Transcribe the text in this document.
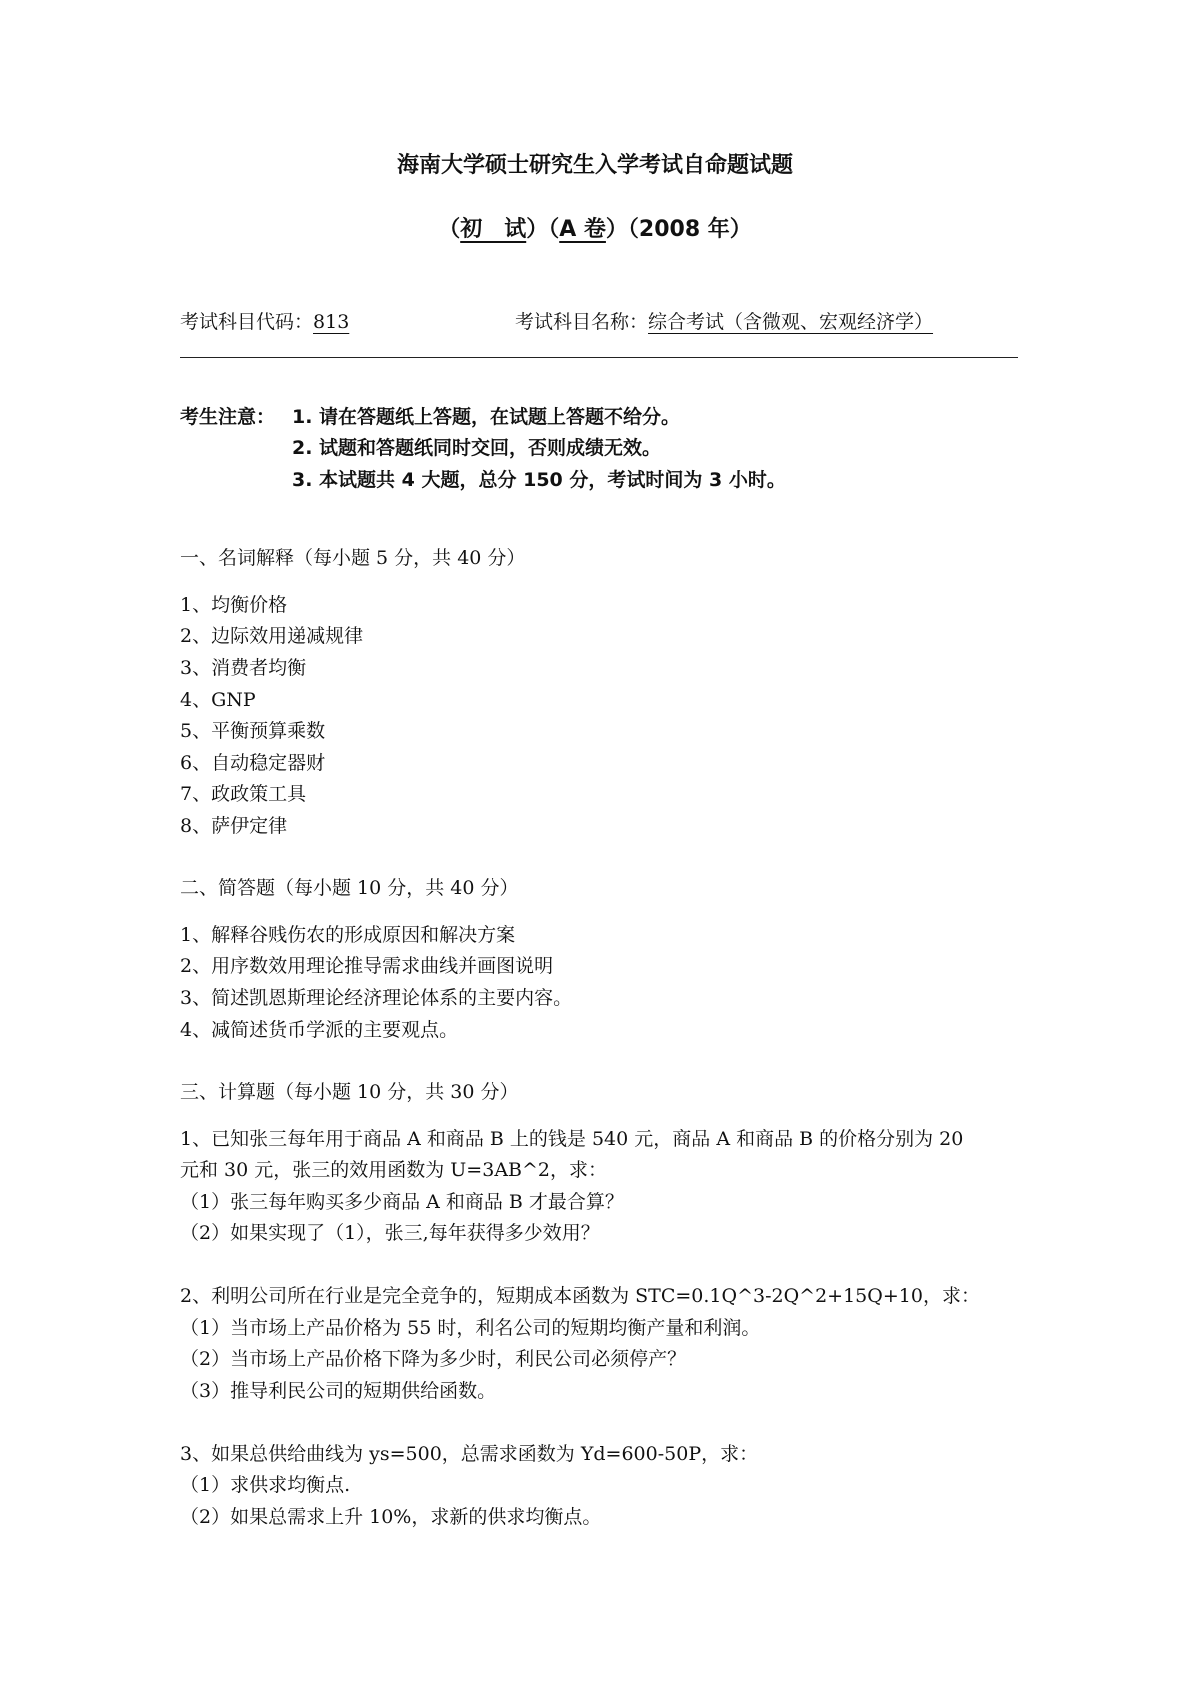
海南大学硕士研究生入学考试自命题试题
（初　试）（A 卷）（2008 年）
考试科目代码：813	考试科目名称：综合考试（含微观、宏观经济学）
考生注意： 1. 请在答题纸上答题，在试题上答题不给分。
2. 试题和答题纸同时交回，否则成绩无效。
3. 本试题共 4 大题，总分 150 分，考试时间为 3 小时。
一、名词解释（每小题 5 分，共 40 分）
1、均衡价格
2、边际效用递减规律
3、消费者均衡
4、GNP
5、平衡预算乘数
6、自动稳定器财
7、政政策工具
8、萨伊定律
二、简答题（每小题 10 分，共 40 分）
1、解释谷贱伤农的形成原因和解决方案
2、用序数效用理论推导需求曲线并画图说明
3、简述凯恩斯理论经济理论体系的主要内容。
4、减简述货币学派的主要观点。
三、计算题（每小题 10 分，共 30 分）
1、已知张三每年用于商品 A 和商品 B 上的钱是 540 元，商品 A 和商品 B 的价格分别为 20
元和 30 元，张三的效用函数为 U=3AB^2，求：
（1）张三每年购买多少商品 A 和商品 B 才最合算？
（2）如果实现了（1），张三,每年获得多少效用？
2、利明公司所在行业是完全竞争的，短期成本函数为 STC=0.1Q^3-2Q^2+15Q+10，求：
（1）当市场上产品价格为 55 时，利名公司的短期均衡产量和利润。
（2）当市场上产品价格下降为多少时，利民公司必须停产？
（3）推导利民公司的短期供给函数。
3、如果总供给曲线为 ys=500，总需求函数为 Yd=600-50P，求：
（1）求供求均衡点.
（2）如果总需求上升 10%，求新的供求均衡点。
